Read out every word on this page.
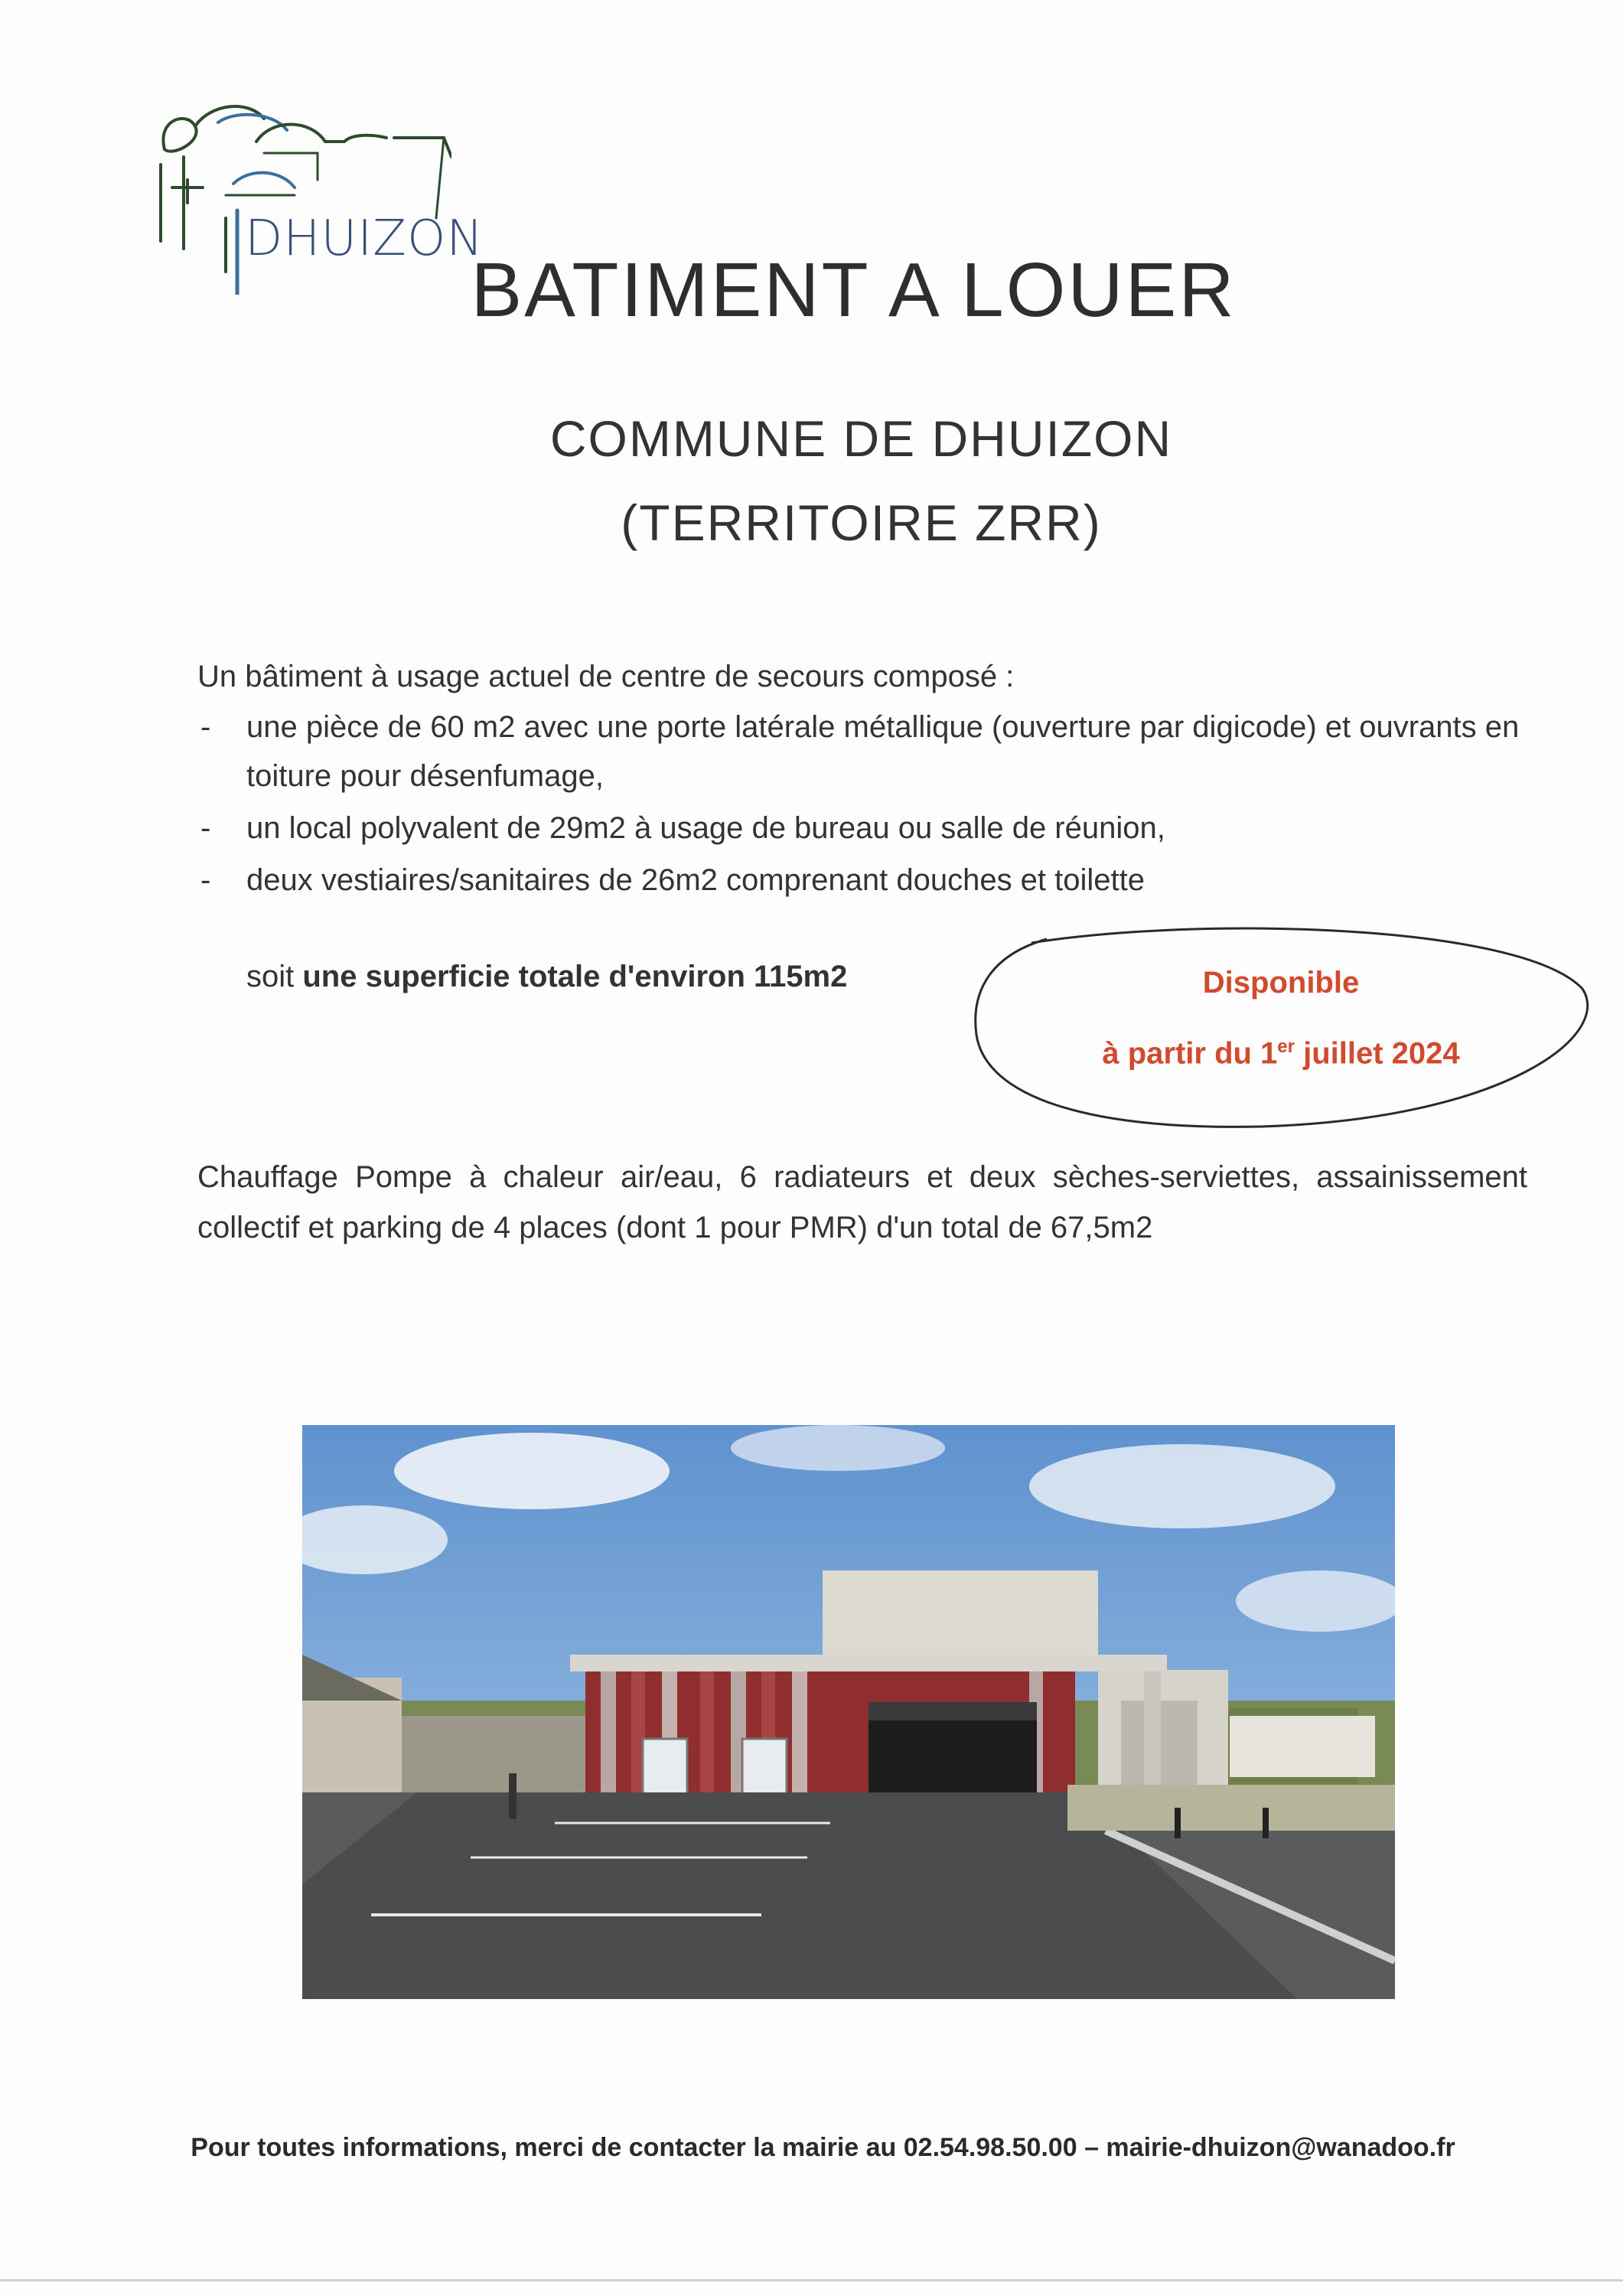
DHUIZON
BATIMENT A LOUER
COMMUNE DE DHUIZON
(TERRITOIRE ZRR)
Un bâtiment à usage actuel de centre de secours composé :
- une pièce de 60 m2 avec une porte latérale métallique (ouverture par digicode) et ouvrants en toiture pour désenfumage,
- un local polyvalent de 29m2 à usage de bureau ou salle de réunion,
- deux vestiaires/sanitaires de 26m2 comprenant douches et toilette
soit une superficie totale d'environ 115m2	Disponible
à partir du 1er juillet 2024
Chauffage Pompe à chaleur air/eau, 6 radiateurs et deux sèches-serviettes, assainissement collectif et parking de 4 places (dont 1 pour PMR) d'un total de 67,5m2
Pour toutes informations, merci de contacter la mairie au 02.54.98.50.00 – mairie-dhuizon@wanadoo.fr
